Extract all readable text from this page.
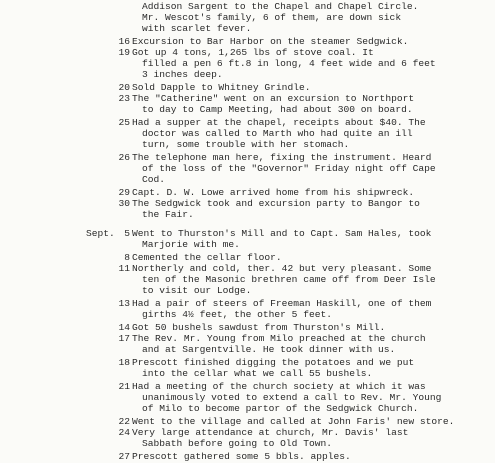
Addison Sargent to the Chapel and Chapel Circle.
Mr. Wescot's family, 6 of them, are down sick
with scarlet fever.
16 Excursion to Bar Harbor on the steamer Sedgwick.
19 Got up 4 tons, 1,265 lbs of stove coal. It
filled a pen 6 ft.8 in long, 4 feet wide and 6 feet
3 inches deep.
20 Sold Dapple to Whitney Grindle.
23 The "Catherine" went on an excursion to Northport
to day to Camp Meeting, had about 300 on board.
25 Had a supper at the chapel, receipts about $40. The
doctor was called to Marth who had quite an ill
turn, some trouble with her stomach.
26 The telephone man here, fixing the instrument. Heard
of the loss of the "Governor" Friday night off Cape
Cod.
29 Capt. D. W. Lowe arrived home from his shipwreck.
30 The Sedgwick took and excursion party to Bangor to
the Fair.
Sept. 5 Went to Thurston's Mill and to Capt. Sam Hales, took
Marjorie with me.
8 Cemented the cellar floor.
11 Northerly and cold, ther. 42 but very pleasant. Some
ten of the Masonic brethren came off from Deer Isle
to visit our Lodge.
13 Had a pair of steers of Freeman Haskill, one of them
girths 4½ feet, the other 5 feet.
14 Got 50 bushels sawdust from Thurston's Mill.
17 The Rev. Mr. Young from Milo preached at the church
and at Sargentville. He took dinner with us.
18 Prescott finished digging the potatoes and we put
into the cellar what we call 55 bushels.
21 Had a meeting of the church society at which it was
unanimously voted to extend a call to Rev. Mr. Young
of Milo to become partor of the Sedgwick Church.
22 Went to the village and called at John Faris' new store.
24 Very large attendance at church, Mr. Davis' last
Sabbath before going to Old Town.
27 Prescott gathered some 5 bbls. apples.
